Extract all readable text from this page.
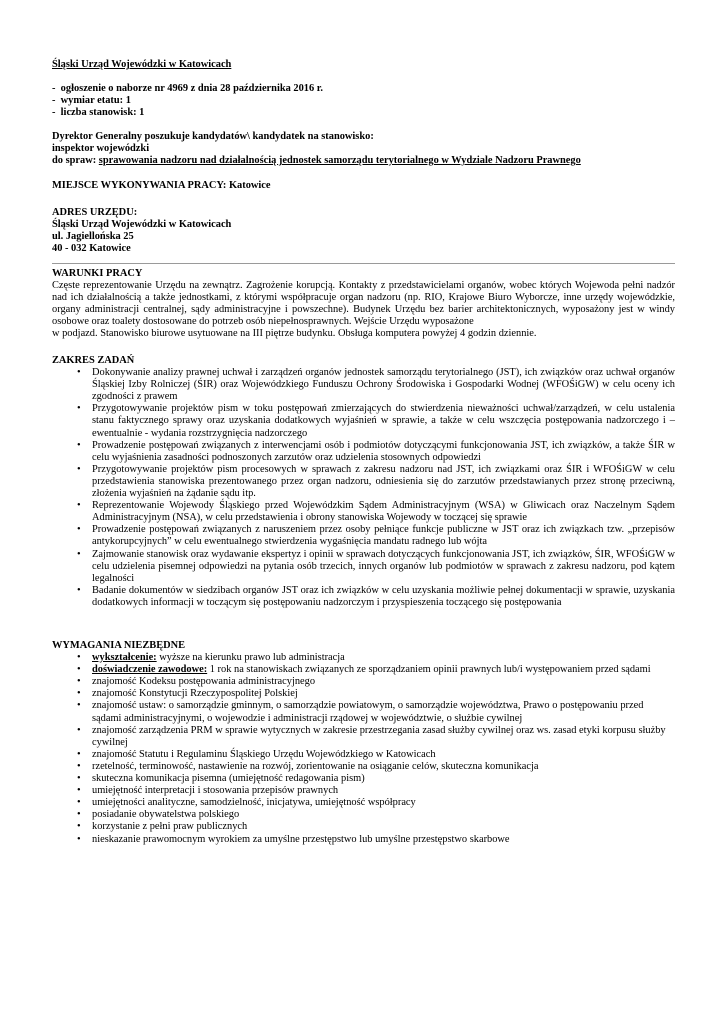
Śląski Urząd Wojewódzki w Katowicach
- ogłoszenie o naborze nr 4969 z dnia 28 października 2016 r.
- wymiar etatu: 1
- liczba stanowisk: 1
Dyrektor Generalny poszukuje kandydatów\ kandydatek na stanowisko:
inspektor wojewódzki
do spraw: sprawowania nadzoru nad działalnością jednostek samorządu terytorialnego w Wydziale Nadzoru Prawnego
MIEJSCE WYKONYWANIA PRACY: Katowice
ADRES URZĘDU:
Śląski Urząd Wojewódzki w Katowicach
ul. Jagiellońska 25
40 - 032 Katowice
WARUNKI PRACY
Częste reprezentowanie Urzędu na zewnątrz. Zagrożenie korupcją. Kontakty z przedstawicielami organów, wobec których Wojewoda pełni nadzór nad ich działalnością a także jednostkami, z którymi współpracuje organ nadzoru (np. RIO, Krajowe Biuro Wyborcze, inne urzędy wojewódzkie, organy administracji centralnej, sądy administracyjne i powszechne). Budynek Urzędu bez barier architektonicznych, wyposażony jest w windy osobowe oraz toalety dostosowane do potrzeb osób niepełnosprawnych. Wejście Urzędu wyposażone
w podjazd. Stanowisko biurowe usytuowane na III piętrze budynku. Obsługa komputera powyżej 4 godzin dziennie.
ZAKRES ZADAŃ
• Dokonywanie analizy prawnej uchwał i zarządzeń organów jednostek samorządu terytorialnego (JST), ich związków oraz uchwał organów Śląskiej Izby Rolniczej (ŚIR) oraz Wojewódzkiego Funduszu Ochrony Środowiska i Gospodarki Wodnej (WFOŚiGW) w celu oceny ich zgodności z prawem
• Przygotowywanie projektów pism w toku postępowań zmierzających do stwierdzenia nieważności uchwał/zarządzeń, w celu ustalenia stanu faktycznego sprawy oraz uzyskania dodatkowych wyjaśnień w sprawie, a także w celu wszczęcia postępowania nadzorczego i – ewentualnie - wydania rozstrzygnięcia nadzorczego
• Prowadzenie postępowań związanych z interwencjami osób i podmiotów dotyczącymi funkcjonowania JST, ich związków, a także ŚIR w celu wyjaśnienia zasadności podnoszonych zarzutów oraz udzielenia stosownych odpowiedzi
• Przygotowywanie projektów pism procesowych w sprawach z zakresu nadzoru nad JST, ich związkami oraz ŚIR i WFOŚiGW w celu przedstawienia stanowiska prezentowanego przez organ nadzoru, odniesienia się do zarzutów przedstawianych przez stronę przeciwną, złożenia wyjaśnień na żądanie sądu itp.
• Reprezentowanie Wojewody Śląskiego przed Wojewódzkim Sądem Administracyjnym (WSA) w Gliwicach oraz Naczelnym Sądem Administracyjnym (NSA), w celu przedstawienia i obrony stanowiska Wojewody w toczącej się sprawie
• Prowadzenie postępowań związanych z naruszeniem przez osoby pełniące funkcje publiczne w JST oraz ich związkach tzw. „przepisów antykorupcyjnych” w celu ewentualnego stwierdzenia wygaśnięcia mandatu radnego lub wójta
• Zajmowanie stanowisk oraz wydawanie ekspertyz i opinii w sprawach dotyczących funkcjonowania JST, ich związków, ŚIR, WFOŚiGW w celu udzielenia pisemnej odpowiedzi na pytania osób trzecich, innych organów lub podmiotów w sprawach z zakresu nadzoru, pod kątem legalności
• Badanie dokumentów w siedzibach organów JST oraz ich związków w celu uzyskania możliwie pełnej dokumentacji w sprawie, uzyskania dodatkowych informacji w toczącym się postępowaniu nadzorczym i przyspieszenia toczącego się postępowania
WYMAGANIA NIEZBĘDNE
• wykształcenie: wyższe na kierunku prawo lub administracja
• doświadczenie zawodowe: 1 rok na stanowiskach związanych ze sporządzaniem opinii prawnych lub/i występowaniem przed sądami
• znajomość Kodeksu postępowania administracyjnego
• znajomość Konstytucji Rzeczypospolitej Polskiej
• znajomość ustaw: o samorządzie gminnym, o samorządzie powiatowym, o samorządzie województwa, Prawo o postępowaniu przed sądami administracyjnymi, o wojewodzie i administracji rządowej w województwie, o służbie cywilnej
• znajomość zarządzenia PRM w sprawie wytycznych w zakresie przestrzegania zasad służby cywilnej oraz ws. zasad etyki korpusu służby cywilnej
• znajomość Statutu i Regulaminu Śląskiego Urzędu Wojewódzkiego w Katowicach
• rzetelność, terminowość, nastawienie na rozwój, zorientowanie na osiąganie celów, skuteczna komunikacja
• skuteczna komunikacja pisemna (umiejętność redagowania pism)
• umiejętność interpretacji i stosowania przepisów prawnych
• umiejętności analityczne, samodzielność, inicjatywa, umiejętność współpracy
• posiadanie obywatelstwa polskiego
• korzystanie z pełni praw publicznych
• nieskazanie prawomocnym wyrokiem za umyślne przestępstwo lub umyślne przestępstwo skarbowe
